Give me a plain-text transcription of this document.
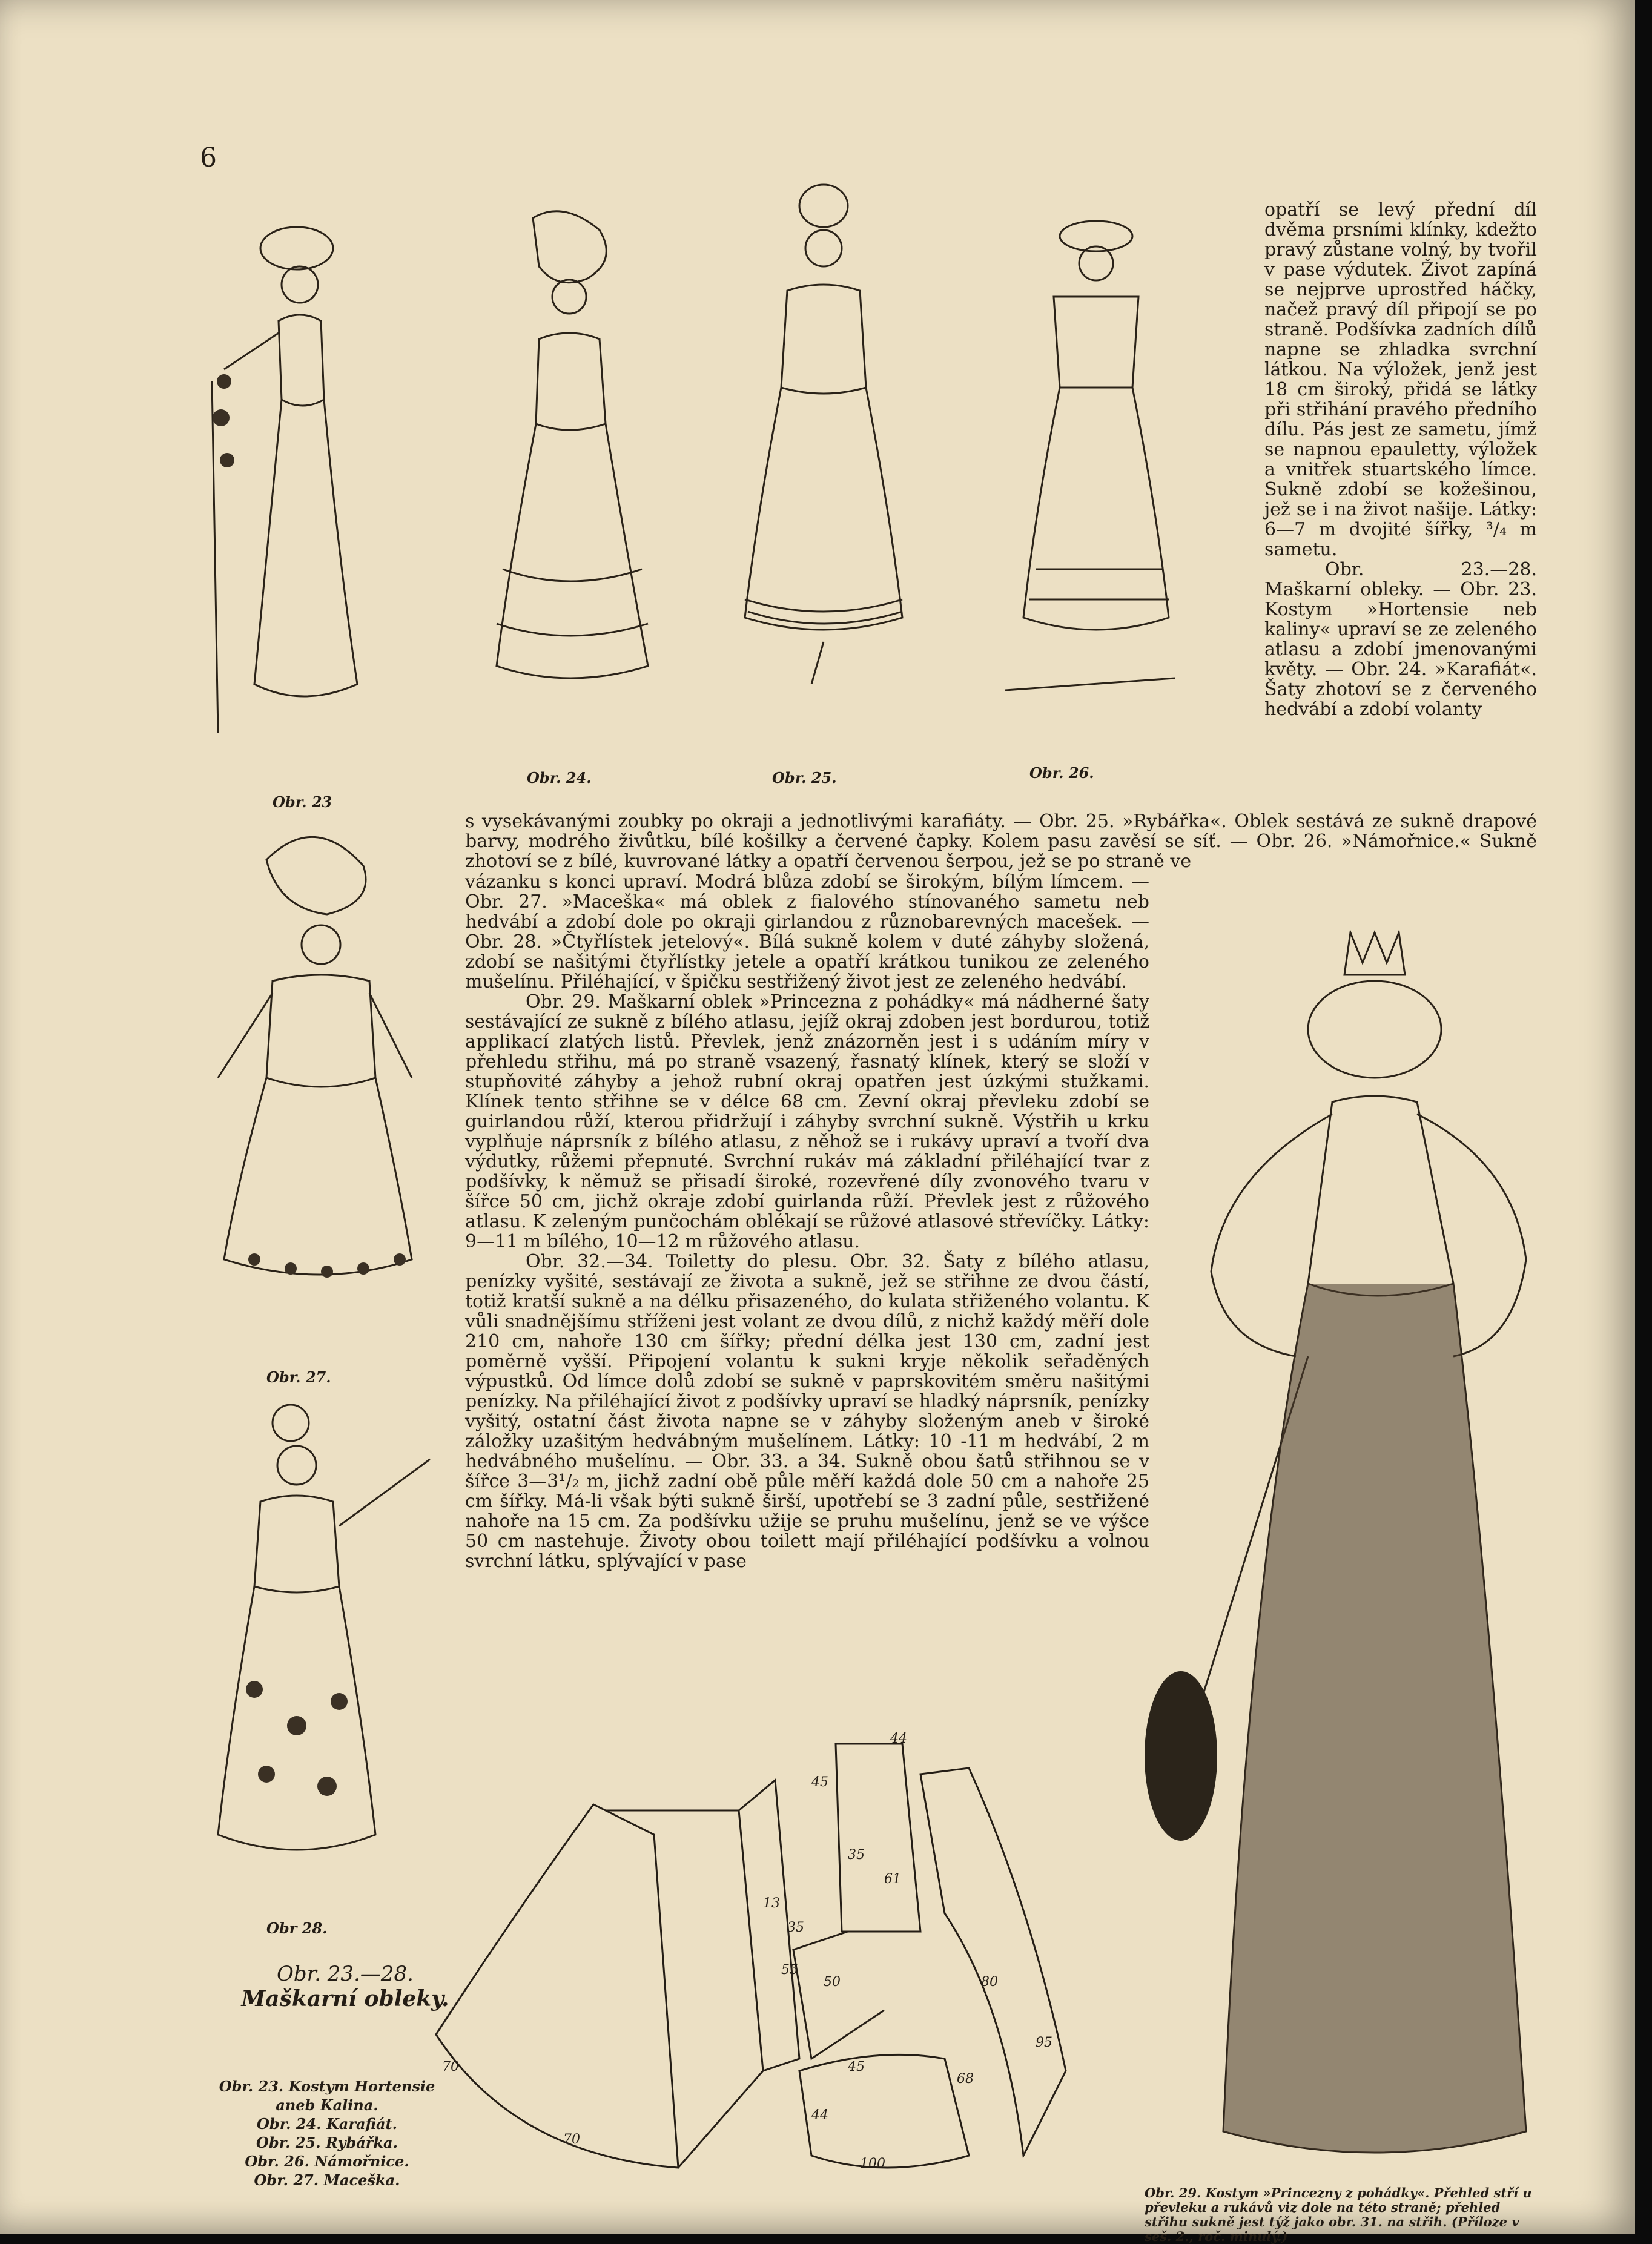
6
Obr. 23
Obr. 24.	Obr. 25.	Obr. 26.
Obr. 27.
Obr 28.
Obr. 29. Kostym »Princezny z pohádky«. Přehled stří u převleku a rukávů viz dole na této straně; přehled střihu sukně jest týž jako obr. 31. na střih. (Příloze v seš. 2., roč. minulý.)

opatří se levý přední díl dvěma prsními klínky, kdežto pravý zůstane volný, by tvořil v pase výdutek. Život zapíná se nejprve uprostřed háčky, načež pravý díl připojí se po straně. Podšívka zadních dílů napne se zhladka svrchní látkou. Na výložek, jenž jest 18 cm široký, přidá se látky při střihání pravého předního dílu. Pás jest ze sametu, jímž se napnou epauletty, výložek a vnitřek stuartského límce. Sukně zdobí se kožešinou, jež se i na život našije. Látky: 6—7 m dvojité šířky, ³/₄ m sametu.

Obr. 23.—28. Maškarní obleky. — Obr. 23. Kostym »Hortensie neb kaliny« upraví se ze zeleného atlasu a zdobí jmenovanými květy. — Obr. 24. »Karafiát«. Šaty zhotoví se z červeného hedvábí a zdobí volanty

s vysekávanými zoubky po okraji a jednotlivými karafiáty. — Obr. 25. »Rybářka«. Oblek sestává ze sukně drapové barvy, modrého živůtku, bílé košilky a červené čapky. Kolem pasu zavěsí se síť. — Obr. 26. »Námořnice.« Sukně zhotoví se z bílé, kuvrované látky a opatří červenou šerpou, jež se po straně ve

vázanku s konci upraví. Modrá blůza zdobí se širokým, bílým límcem. — Obr. 27. »Maceška« má oblek z fialového stínovaného sametu neb hedvábí a zdobí dole po okraji girlandou z různobarevných macešek. — Obr. 28. »Čtyřlístek jetelový«. Bílá sukně kolem v duté záhyby složená, zdobí se našitými čtyřlístky jetele a opatří krátkou tunikou ze zeleného mušelínu. Přiléhající, v špičku sestřižený život jest ze zeleného hedvábí.

Obr. 29. Maškarní oblek »Princezna z pohádky« má nádherné šaty sestávající ze sukně z bílého atlasu, jejíž okraj zdoben jest bordurou, totiž applikací zlatých listů. Převlek, jenž znázorněn jest i s udáním míry v přehledu střihu, má po straně vsazený, řasnatý klínek, který se složí v stupňovité záhyby a jehož rubní okraj opatřen jest úzkými stužkami. Klínek tento střihne se v délce 68 cm. Zevní okraj převleku zdobí se guirlandou růží, kterou přidržují i záhyby svrchní sukně. Výstřih u krku vyplňuje náprsník z bílého atlasu, z něhož se i rukávy upraví a tvoří dva výdutky, růžemi přepnuté. Svrchní rukáv má základní přiléhající tvar z podšívky, k němuž se přisadí široké, rozevřené díly zvonového tvaru v šířce 50 cm, jichž okraje zdobí guirlanda růží. Převlek jest z růžového atlasu. K zeleným punčochám oblékají se růžové atlasové střevíčky. Látky: 9—11 m bílého, 10—12 m růžového atlasu.

Obr. 32.—34. Toiletty do plesu. Obr. 32. Šaty z bílého atlasu, penízky vyšité, sestávají ze života a sukně, jež se střihne ze dvou částí, totiž kratší sukně a na délku přisazeného, do kulata střiženého volantu. K vůli snadnějšímu stříženi jest volant ze dvou dílů, z nichž každý měří dole 210 cm, nahoře 130 cm šířky; přední délka jest 130 cm, zadní jest poměrně vyšší. Připojení volantu k sukni kryje několik seřaděných výpustků. Od límce dolů zdobí se sukně v paprskovitém směru našitými penízky. Na přiléhající život z podšívky upraví se hladký náprsník, penízky vyšitý, ostatní část života napne se v záhyby složeným aneb v široké záložky uzašitým hedvábným mušelínem. Látky: 10 -11 m hedvábí, 2 m hedvábného mušelínu. — Obr. 33. a 34. Sukně obou šatů střihnou se v šířce 3—3¹/₂ m, jichž zadní obě půle měří každá dole 50 cm a nahoře 25 cm šířky. Má-li však býti sukně širší, upotřebí se 3 zadní půle, sestřižené nahoře na 15 cm. Za podšívku užije se pruhu mušelínu, jenž se ve výšce 50 cm nastehuje. Životy obou toilett mají přiléhající podšívku a volnou svrchní látku, splývající v pase

44
45
35
61
13
35
55
50	80
95
45
68
70
70
100
44
Obr. 23.—28.
Maškarní obleky.
Obr. 23. Kostym Hortensie aneb Kalina.
Obr. 24. Karafiát.
Obr. 25. Rybářka.
Obr. 26. Námořnice.
Obr. 27. Maceška.
